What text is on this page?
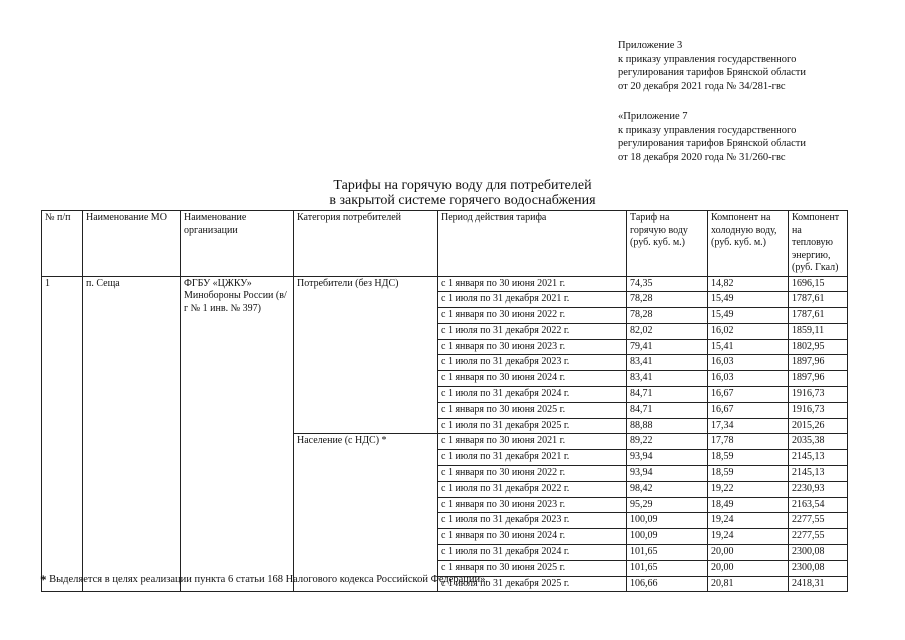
Приложение 3
к приказу управления государственного
регулирования тарифов Брянской области
от 20 декабря 2021 года № 34/281-гвс
«Приложение 7
к приказу управления государственного
регулирования тарифов Брянской области
от 18 декабря 2020 года № 31/260-гвс
Тарифы на горячую воду для потребителей
в закрытой системе горячего водоснабжения
№ п/п	Наименование МО	Наименование организации	Категория потребителей	Период действия тарифа	Тариф на горячую воду (руб. куб. м.)	Компонент на холодную воду, (руб. куб. м.)	Компонент на тепловую энергию, (руб. Гкал)
1	п. Сеща	ФГБУ «ЦЖКУ» Минобороны России (в/г № 1 инв. № 397)	Потребители (без НДС)	с 1 января по 30 июня 2021 г.	74,35	14,82	1696,15
				с 1 июля по 31 декабря 2021 г.	78,28	15,49	1787,61
				с 1 января по 30 июня 2022 г.	78,28	15,49	1787,61
				с 1 июля по 31 декабря 2022 г.	82,02	16,02	1859,11
				с 1 января по 30 июня 2023 г.	79,41	15,41	1802,95
				с 1 июля по 31 декабря 2023 г.	83,41	16,03	1897,96
				с 1 января по 30 июня 2024 г.	83,41	16,03	1897,96
				с 1 июля по 31 декабря 2024 г.	84,71	16,67	1916,73
				с 1 января по 30 июня 2025 г.	84,71	16,67	1916,73
				с 1 июля по 31 декабря 2025 г.	88,88	17,34	2015,26
			Население (с НДС) *	с 1 января по 30 июня 2021 г.	89,22	17,78	2035,38
				с 1 июля по 31 декабря 2021 г.	93,94	18,59	2145,13
				с 1 января по 30 июня 2022 г.	93,94	18,59	2145,13
				с 1 июля по 31 декабря 2022 г.	98,42	19,22	2230,93
				с 1 января по 30 июня 2023 г.	95,29	18,49	2163,54
				с 1 июля по 31 декабря 2023 г.	100,09	19,24	2277,55
				с 1 января по 30 июня 2024 г.	100,09	19,24	2277,55
				с 1 июля по 31 декабря 2024 г.	101,65	20,00	2300,08
				с 1 января по 30 июня 2025 г.	101,65	20,00	2300,08
				с 1 июля по 31 декабря 2025 г.	106,66	20,81	2418,31
* Выделяется в целях реализации пункта 6 статьи 168 Налогового кодекса Российской Федерации».
